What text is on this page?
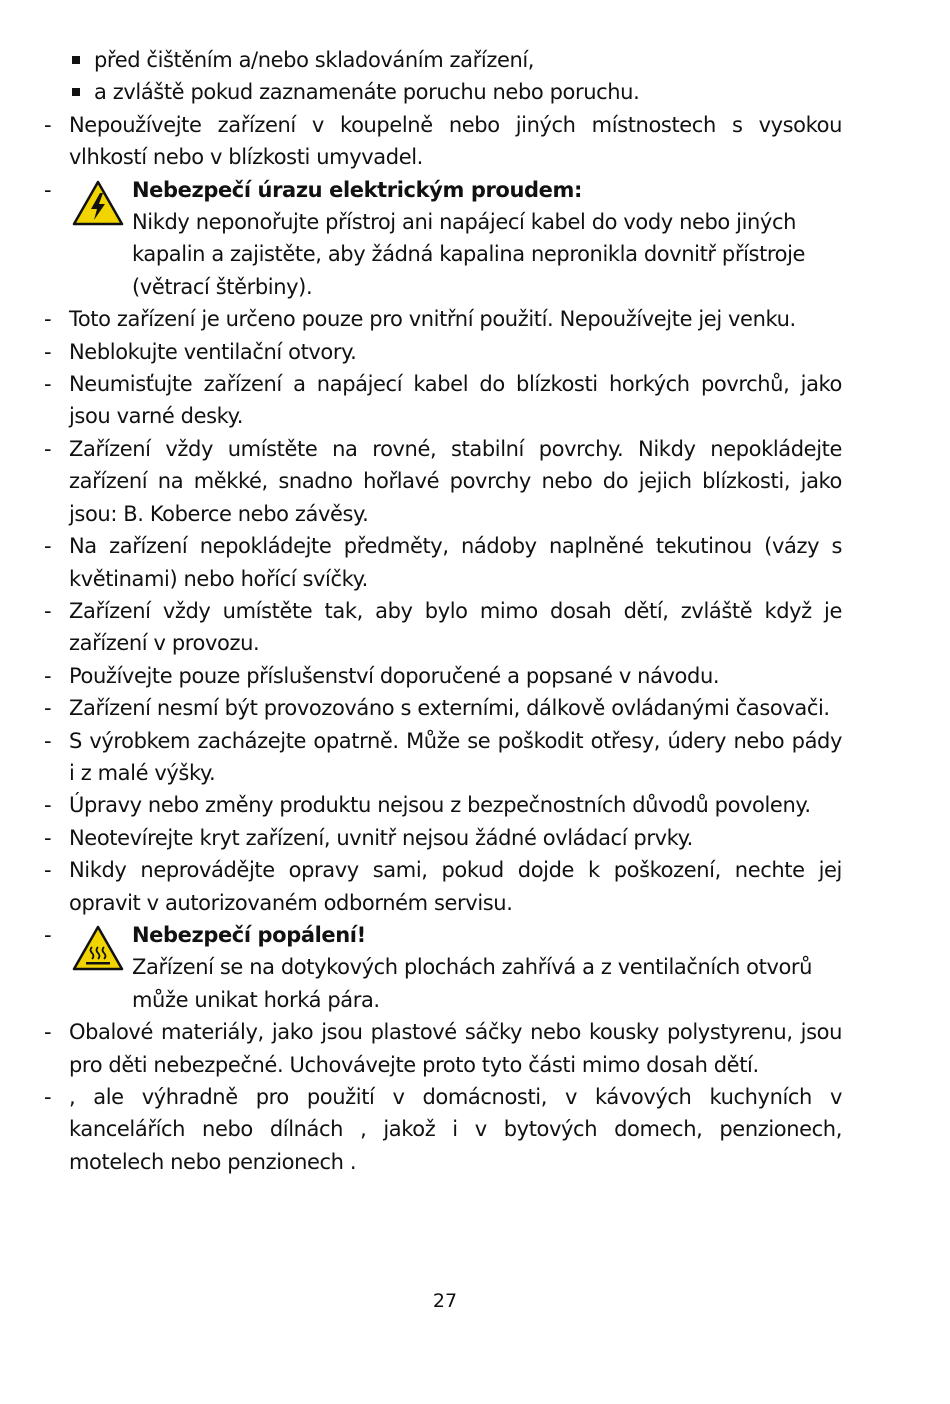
před čištěním a/nebo skladováním zařízení,
a zvláště pokud zaznamenáte poruchu nebo poruchu.
- Nepoužívejte zařízení v koupelně nebo jiných místnostech s vysokou vlhkostí nebo v blízkosti umyvadel.
-	Nebezpečí úrazu elektrickým proudem:
Nikdy neponořujte přístroj ani napájecí kabel do vody nebo jiných kapalin a zajistěte, aby žádná kapalina nepronikla dovnitř přístroje (větrací štěrbiny).
- Toto zařízení je určeno pouze pro vnitřní použití. Nepoužívejte jej venku.
- Neblokujte ventilační otvory.
- Neumisťujte zařízení a napájecí kabel do blízkosti horkých povrchů, jako jsou varné desky.
- Zařízení vždy umístěte na rovné, stabilní povrchy. Nikdy nepokládejte zařízení na měkké, snadno hořlavé povrchy nebo do jejich blízkosti, jako jsou: B. Koberce nebo závěsy.
- Na zařízení nepokládejte předměty, nádoby naplněné tekutinou (vázy s květinami) nebo hořící svíčky.
- Zařízení vždy umístěte tak, aby bylo mimo dosah dětí, zvláště když je zařízení v provozu.
- Používejte pouze příslušenství doporučené a popsané v návodu.
- Zařízení nesmí být provozováno s externími, dálkově ovládanými časovači.
- S výrobkem zacházejte opatrně. Může se poškodit otřesy, údery nebo pády i z malé výšky.
- Úpravy nebo změny produktu nejsou z bezpečnostních důvodů povoleny.
- Neotevírejte kryt zařízení, uvnitř nejsou žádné ovládací prvky.
- Nikdy neprovádějte opravy sami, pokud dojde k poškození, nechte jej opravit v autorizovaném odborném servisu.
-	Nebezpečí popálení!
Zařízení se na dotykových plochách zahřívá a z ventilačních otvorů může unikat horká pára.
- Obalové materiály, jako jsou plastové sáčky nebo kousky polystyrenu, jsou pro děti nebezpečné. Uchovávejte proto tyto části mimo dosah dětí.
- , ale výhradně pro použití v domácnosti, v kávových kuchyních v kancelářích nebo dílnách , jakož i v bytových domech, penzionech, motelech nebo penzionech .
27
